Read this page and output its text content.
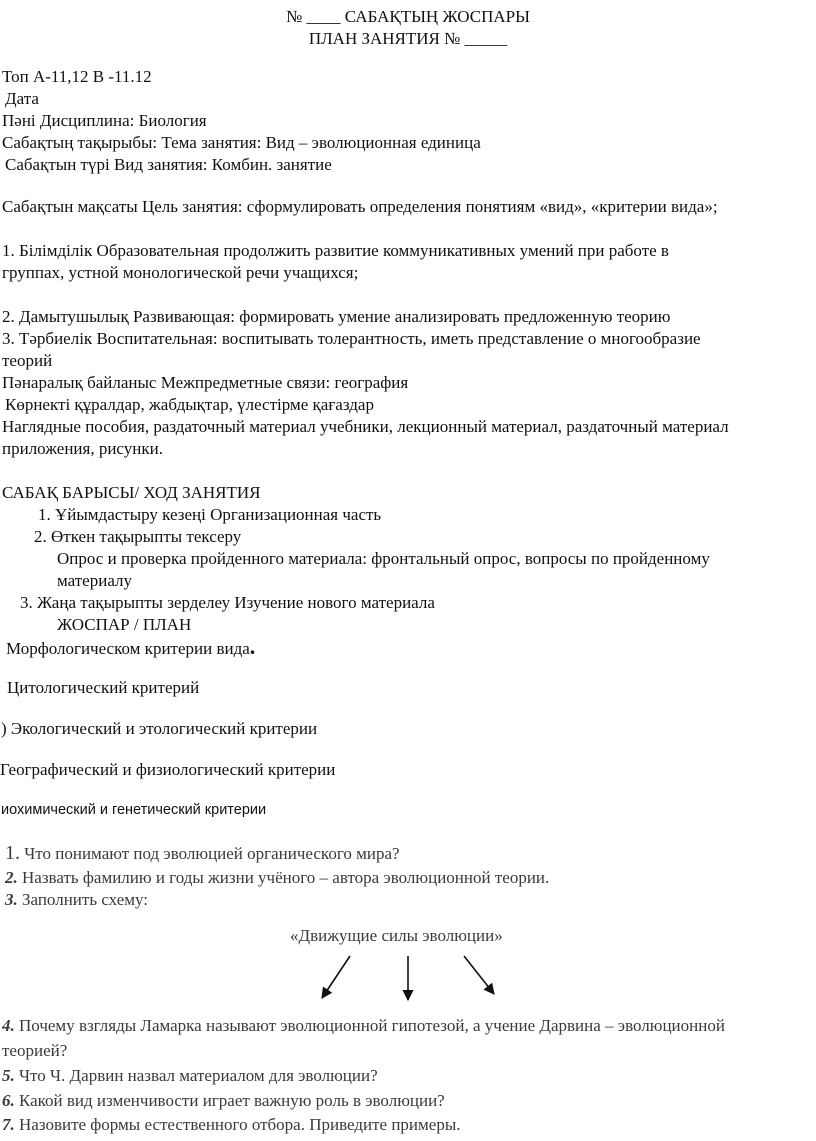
№ ____ САБАҚТЫҢ ЖОСПАРЫ
ПЛАН ЗАНЯТИЯ № _____
Топ А-11,12 В -11.12
Дата
Пәні Дисциплина: Биология
Сабақтың тақырыбы: Тема занятия: Вид – эволюционная единица
Сабақтын түрі Вид занятия: Комбин. занятие
Сабақтын мақсаты Цель занятия: сформулировать определения понятиям «вид», «критерии вида»;
1. Білімділік Образовательная продолжить развитие коммуникативных умений при работе в
группах, устной монологической речи учащихся;
2. Дамытушылық Развивающая: формировать умение анализировать предложенную теорию
3. Тәрбиелік Воспитательная: воспитывать толерантность, иметь представление о многообразие
теорий
Пәнаралық байланыс Межпредметные связи: география
Көрнекті құралдар, жабдықтар, үлестірме қағаздар
Наглядные пособия, раздаточный материал учебники, лекционный материал, раздаточный материал
приложения, рисунки.
САБАҚ БАРЫСЫ/ ХОД ЗАНЯТИЯ
1. Ұйымдастыру кезеңі Организационная часть
2. Өткен тақырыпты тексеру
Опрос и проверка пройденного материала: фронтальный опрос, вопросы по пройденному
материалу
3. Жаңа тақырыпты зерделеу Изучение нового материала
ЖОСПАР / ПЛАН
Морфологическом критерии вида.
Цитологический критерий
) Экологический и этологический критерии
Географический и физиологический критерии
иохимический и генетический критерии
1. Что понимают под эволюцией органического мира?
2. Назвать фамилию и годы жизни учёного – автора эволюционной теории.
3. Заполнить схему:
«Движущие силы эволюции»
4. Почему взгляды Ламарка называют эволюционной гипотезой, а учение Дарвина – эволюционной
теорией?
5. Что Ч. Дарвин назвал материалом для эволюции?
6. Какой вид изменчивости играет важную роль в эволюции?
7. Назовите формы естественного отбора. Приведите примеры.
